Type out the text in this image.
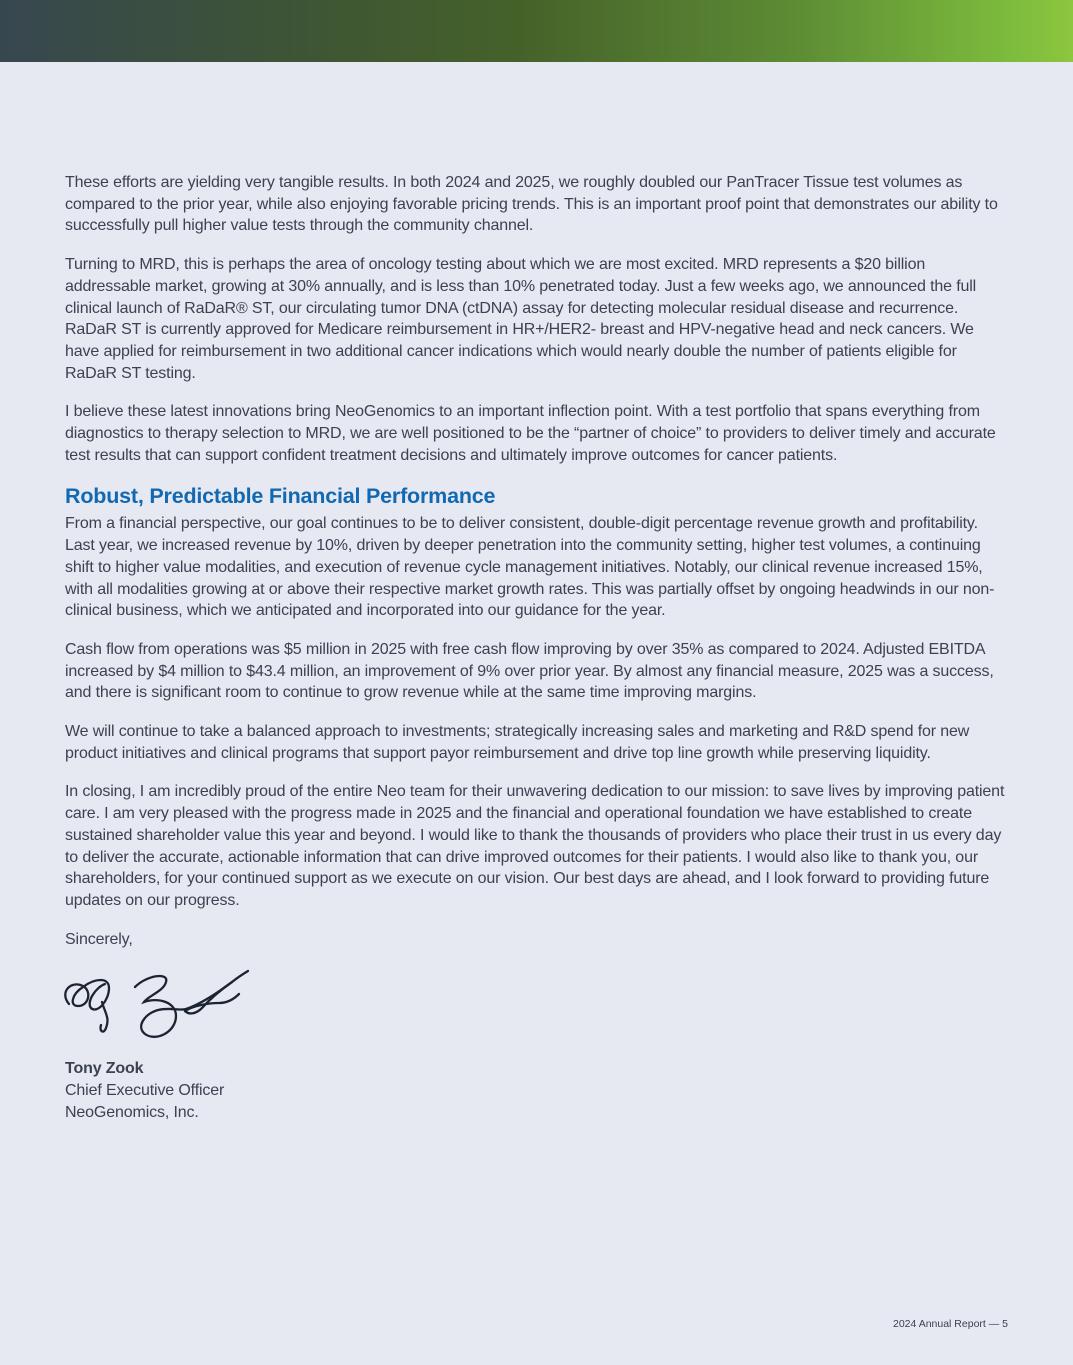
These efforts are yielding very tangible results. In both 2024 and 2025, we roughly doubled our PanTracer Tissue test volumes as compared to the prior year, while also enjoying favorable pricing trends. This is an important proof point that demonstrates our ability to successfully pull higher value tests through the community channel.

Turning to MRD, this is perhaps the area of oncology testing about which we are most excited. MRD represents a $20 billion addressable market, growing at 30% annually, and is less than 10% penetrated today. Just a few weeks ago, we announced the full clinical launch of RaDaR® ST, our circulating tumor DNA (ctDNA) assay for detecting molecular residual disease and recurrence. RaDaR ST is currently approved for Medicare reimbursement in HR+/HER2- breast and HPV-negative head and neck cancers. We have applied for reimbursement in two additional cancer indications which would nearly double the number of patients eligible for RaDaR ST testing.

I believe these latest innovations bring NeoGenomics to an important inflection point. With a test portfolio that spans everything from diagnostics to therapy selection to MRD, we are well positioned to be the “partner of choice” to providers to deliver timely and accurate test results that can support confident treatment decisions and ultimately improve outcomes for cancer patients.

Robust, Predictable Financial Performance

From a financial perspective, our goal continues to be to deliver consistent, double-digit percentage revenue growth and profitability. Last year, we increased revenue by 10%, driven by deeper penetration into the community setting, higher test volumes, a continuing shift to higher value modalities, and execution of revenue cycle management initiatives. Notably, our clinical revenue increased 15%, with all modalities growing at or above their respective market growth rates. This was partially offset by ongoing headwinds in our non-clinical business, which we anticipated and incorporated into our guidance for the year.

Cash flow from operations was $5 million in 2025 with free cash flow improving by over 35% as compared to 2024. Adjusted EBITDA increased by $4 million to $43.4 million, an improvement of 9% over prior year. By almost any financial measure, 2025 was a success, and there is significant room to continue to grow revenue while at the same time improving margins.

We will continue to take a balanced approach to investments; strategically increasing sales and marketing and R&D spend for new product initiatives and clinical programs that support payor reimbursement and drive top line growth while preserving liquidity.

In closing, I am incredibly proud of the entire Neo team for their unwavering dedication to our mission: to save lives by improving patient care. I am very pleased with the progress made in 2025 and the financial and operational foundation we have established to create sustained shareholder value this year and beyond. I would like to thank the thousands of providers who place their trust in us every day to deliver the accurate, actionable information that can drive improved outcomes for their patients. I would also like to thank you, our shareholders, for your continued support as we execute on our vision. Our best days are ahead, and I look forward to providing future updates on our progress.

Sincerely,

Tony Zook
Chief Executive Officer
NeoGenomics, Inc.
2024 Annual Report — 5
